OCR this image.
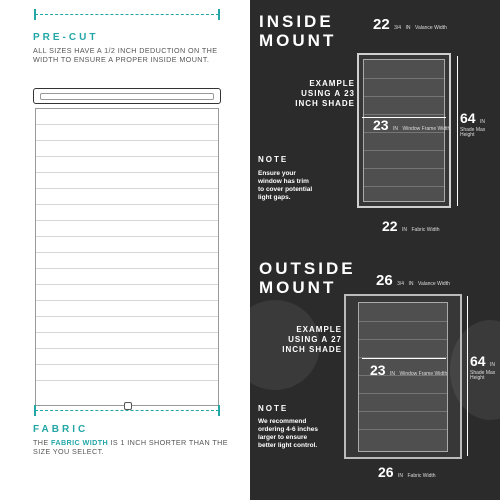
PRE-CUT
ALL SIZES HAVE A 1/2 INCH DEDUCTION ON THE WIDTH TO ENSURE A PROPER INSIDE MOUNT.
FABRIC
THE FABRIC WIDTH IS 1 INCH SHORTER THAN THE SIZE YOU SELECT.
INSIDE
MOUNT
22 3/4 IN Valance Width
EXAMPLE
USING A 23
INCH SHADE
23 IN Window Frame Width
64 IN
Shade Max Height
NOTE
Ensure your window has trim to cover potential light gaps.
22 IN Fabric Width
OUTSIDE
MOUNT	26 3/4 IN Valance Width
EXAMPLE
USING A 27
INCH SHADE
23 IN Window Frame Width
64 IN
Shade Max Height
NOTE
We recommend ordering 4-6 inches larger to ensure better light control.
26 IN Fabric Width
